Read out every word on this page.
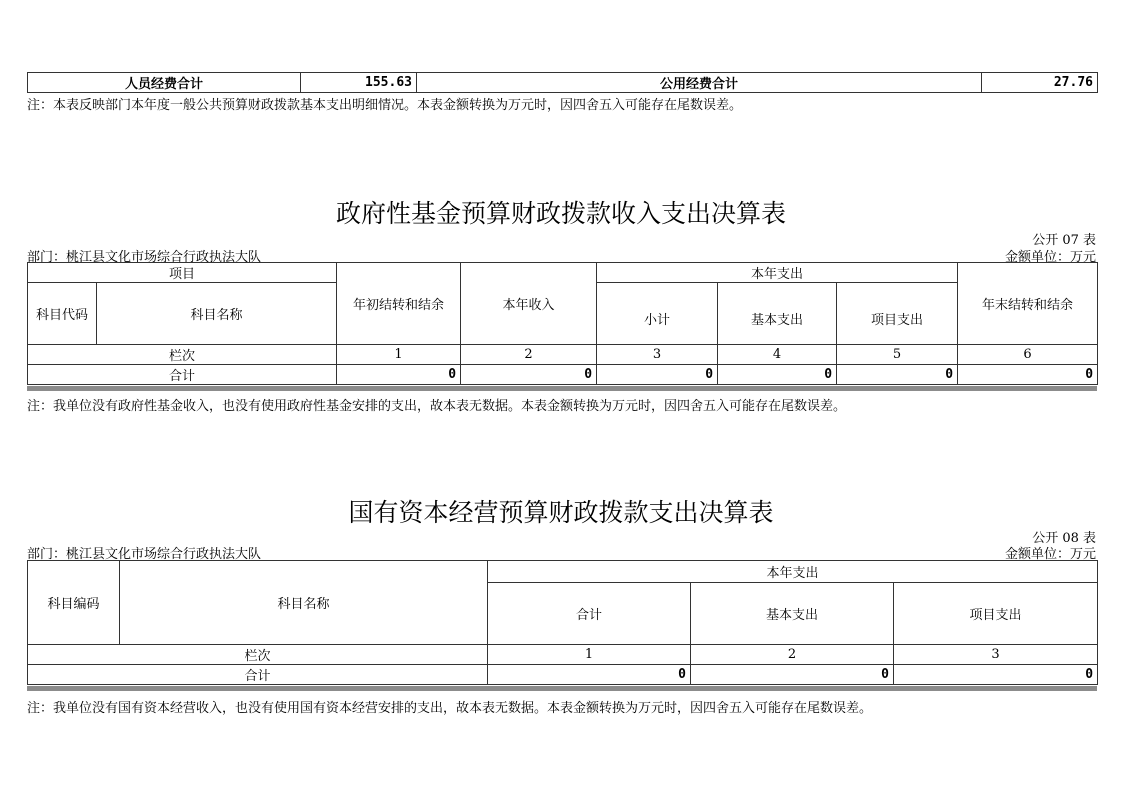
人员经费合计	155.63	公用经费合计	27.76
注：本表反映部门本年度一般公共预算财政拨款基本支出明细情况。本表金额转换为万元时，因四舍五入可能存在尾数误差。
政府性基金预算财政拨款收入支出决算表
公开 07 表
部门：桃江县文化市场综合行政执法大队	金额单位：万元
项目		年初结转和结余	本年收入	本年支出			年末结转和结余
科目代码	科目名称			小计	基本支出	项目支出	
栏次		1	2	3	4	5	6
合计		0	0	0	0	0	0
注：我单位没有政府性基金收入，也没有使用政府性基金安排的支出，故本表无数据。本表金额转换为万元时，因四舍五入可能存在尾数误差。
国有资本经营预算财政拨款支出决算表
公开 08 表
部门：桃江县文化市场综合行政执法大队	金额单位：万元
科目编码	科目名称	本年支出		
		合计	基本支出	项目支出
栏次		1	2	3
合计		0	0	0
注：我单位没有国有资本经营收入，也没有使用国有资本经营安排的支出，故本表无数据。本表金额转换为万元时，因四舍五入可能存在尾数误差。
